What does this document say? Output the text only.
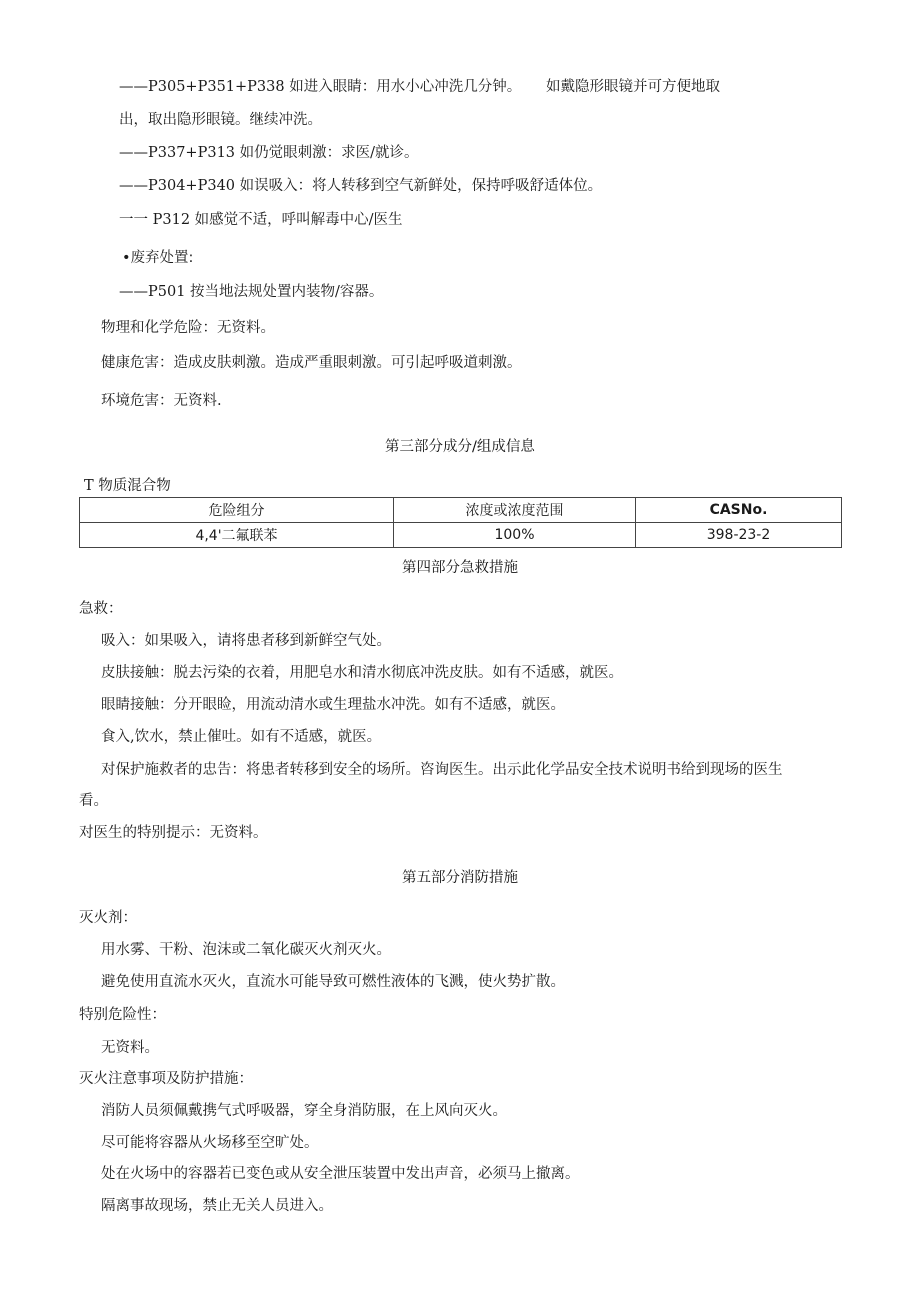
——P305+P351+P338 如进入眼睛：用水小心冲洗几分钟。 如戴隐形眼镜并可方便地取
出，取出隐形眼镜。继续冲洗。
——P337+P313 如仍觉眼刺激：求医/就诊。
——P304+P340 如误吸入：将人转移到空气新鲜处，保持呼吸舒适体位。
一一 P312 如感觉不适，呼叫解毒中心/医生
•废弃处置:
——P501 按当地法规处置内装物/容器。
物理和化学危险：无资料。
健康危害：造成皮肤刺激。造成严重眼刺激。可引起呼吸道刺激。
环境危害：无资料.
第三部分成分/组成信息
T 物质混合物
危险组分	浓度或浓度范围	CASNo.
4,4'二氟联苯	100%	398-23-2
第四部分急救措施
急救：
吸入：如果吸入，请将患者移到新鲜空气处。
皮肤接触：脱去污染的衣着，用肥皂水和清水彻底冲洗皮肤。如有不适感，就医。
眼睛接触：分开眼睑，用流动清水或生理盐水冲洗。如有不适感，就医。
食入,饮水，禁止催吐。如有不适感，就医。
对保护施救者的忠告：将患者转移到安全的场所。咨询医生。出示此化学品安全技术说明书给到现场的医生
看。
对医生的特别提示：无资料。
第五部分消防措施
灭火剂：
用水雾、干粉、泡沫或二氧化碳灭火剂灭火。
避免使用直流水灭火，直流水可能导致可燃性液体的飞溅，使火势扩散。
特别危险性：
无资料。
灭火注意事项及防护措施：
消防人员须佩戴携气式呼吸器，穿全身消防服，在上风向灭火。
尽可能将容器从火场移至空旷处。
处在火场中的容器若已变色或从安全泄压装置中发出声音，必须马上撤离。
隔离事故现场，禁止无关人员进入。
